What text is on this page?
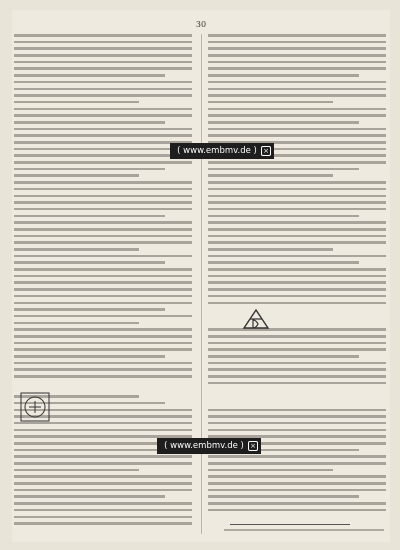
30
( www.embmv.de ) ×
( www.embmv.de ) ×
